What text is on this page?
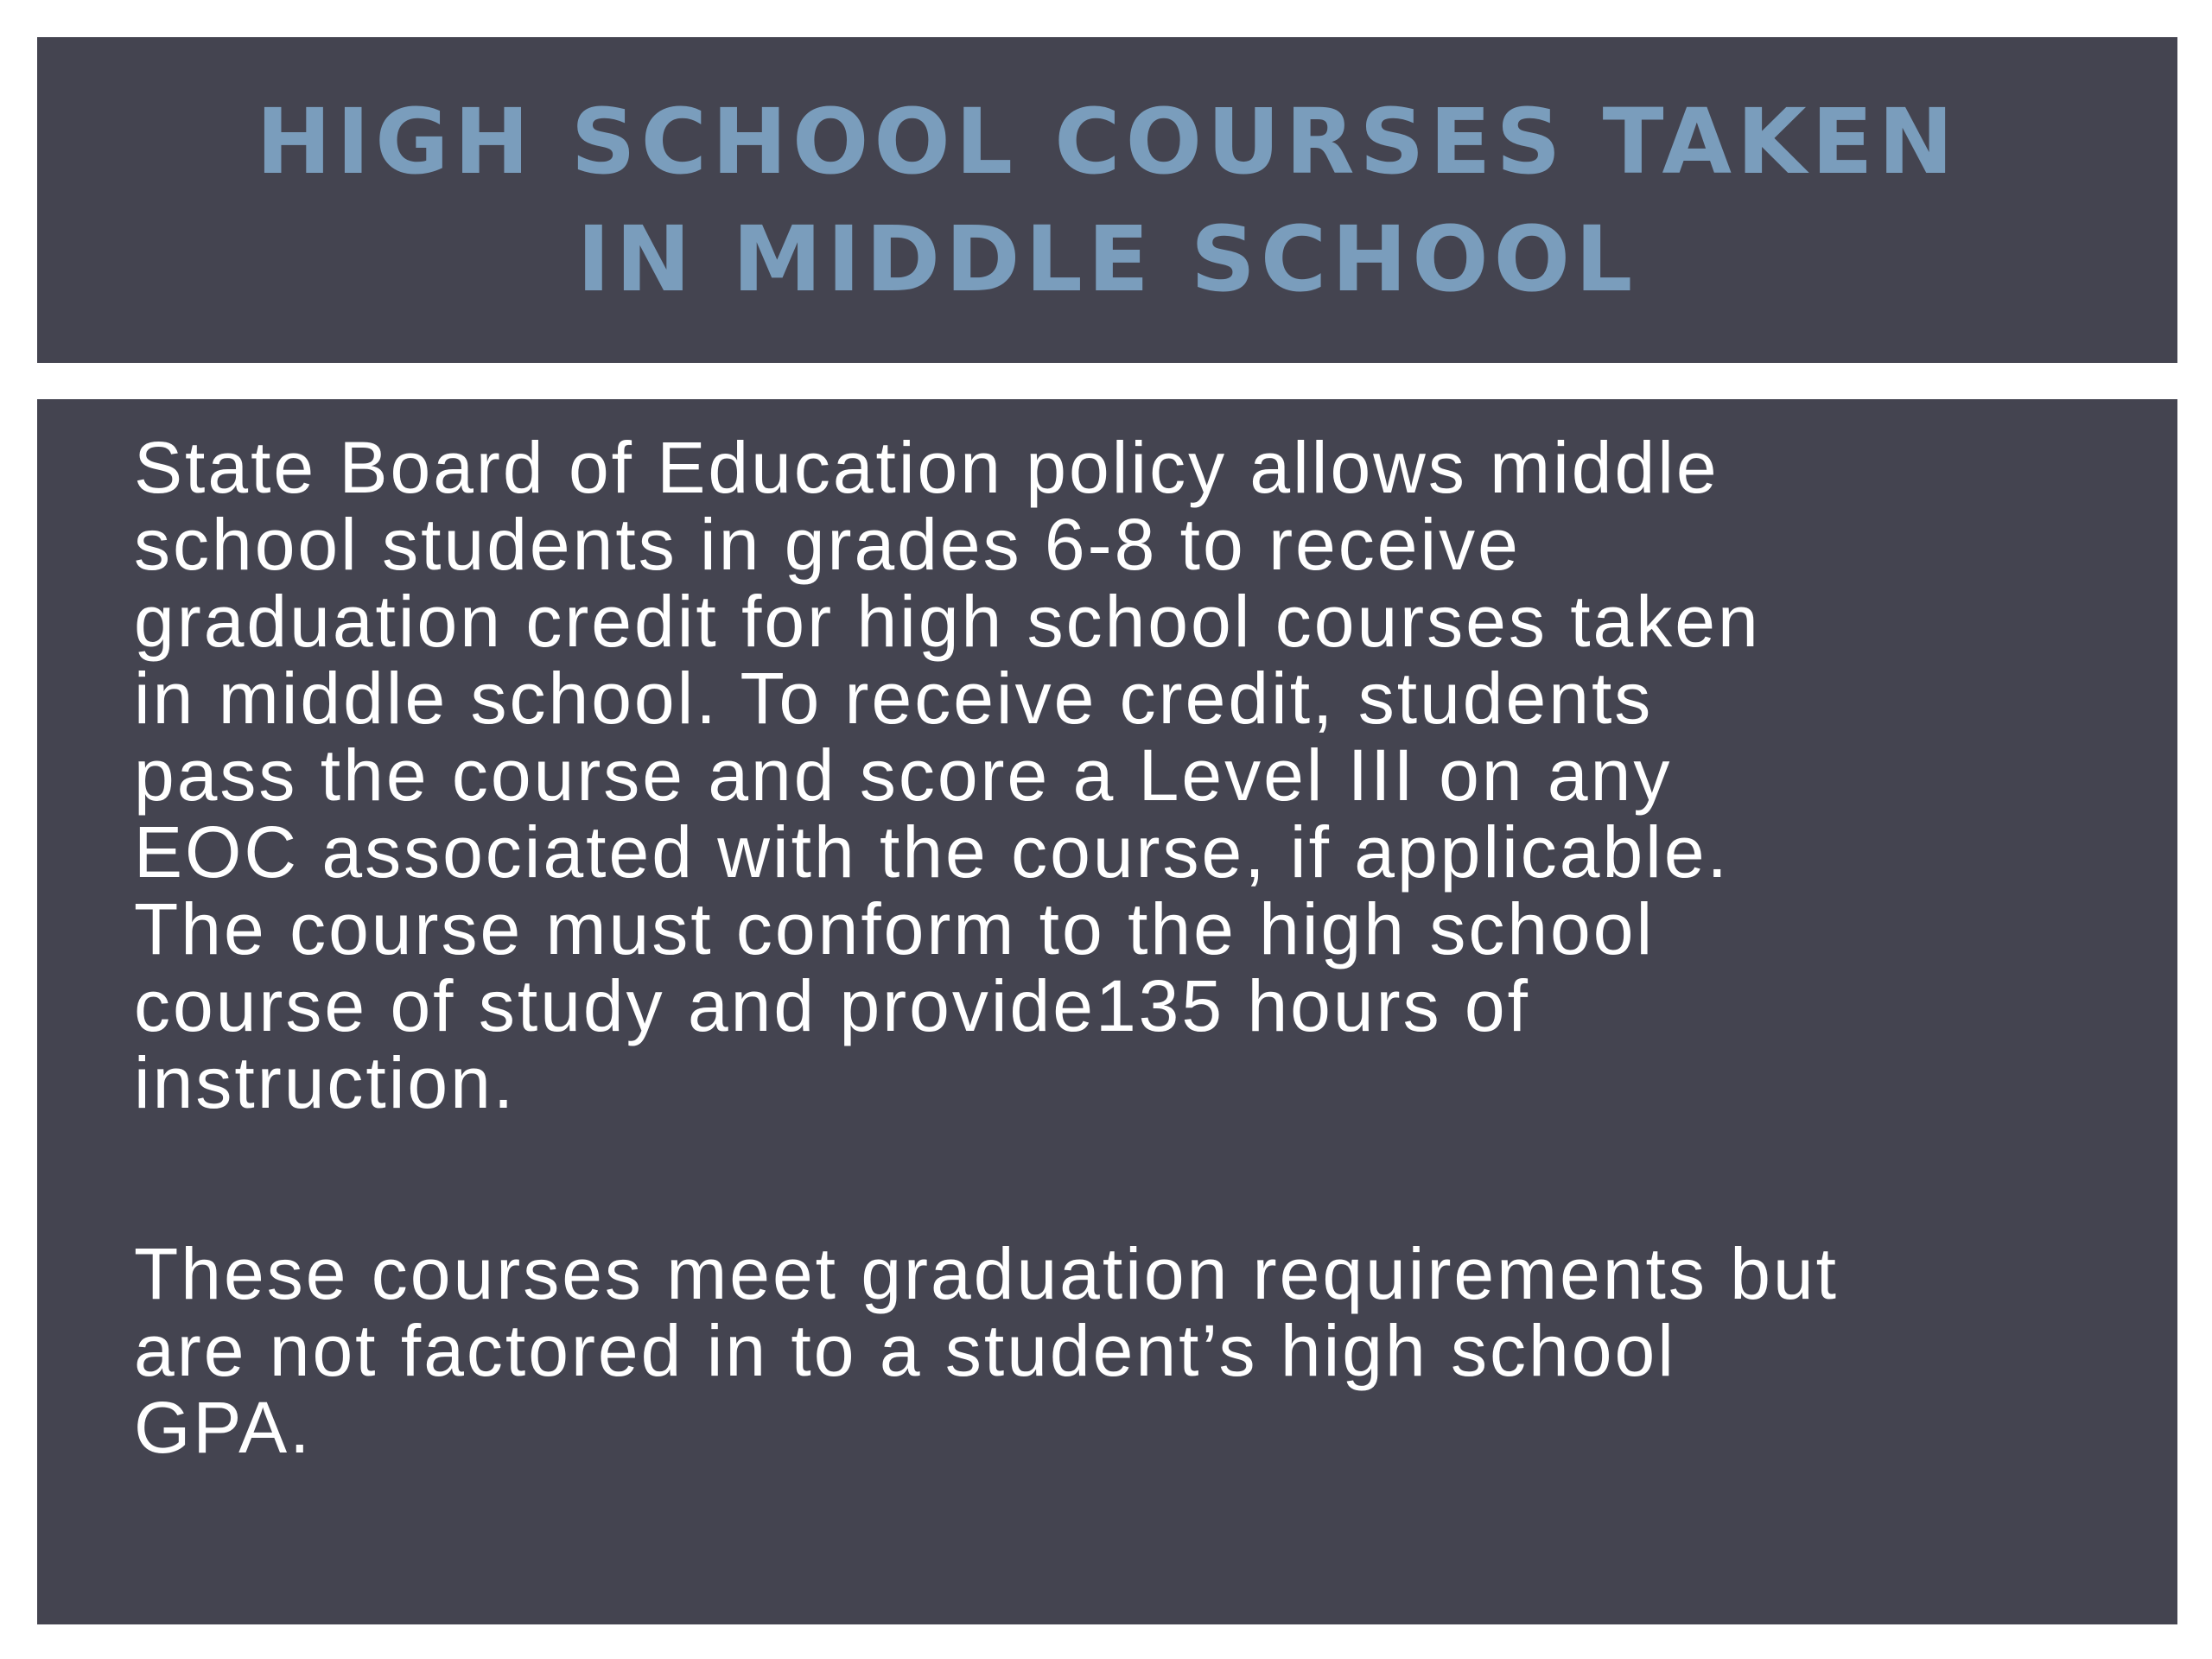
HIGH SCHOOL COURSES TAKEN
IN MIDDLE SCHOOL

State Board of Education policy allows middle
school students in grades 6-8 to receive
graduation credit for high school courses taken
in middle school. To receive credit, students
pass the course and score a Level III on any
EOC associated with the course, if applicable.
The course must conform to the high school
course of study and provide135 hours of
instruction.

These courses meet graduation requirements but
are not factored in to a student’s high school
GPA.
